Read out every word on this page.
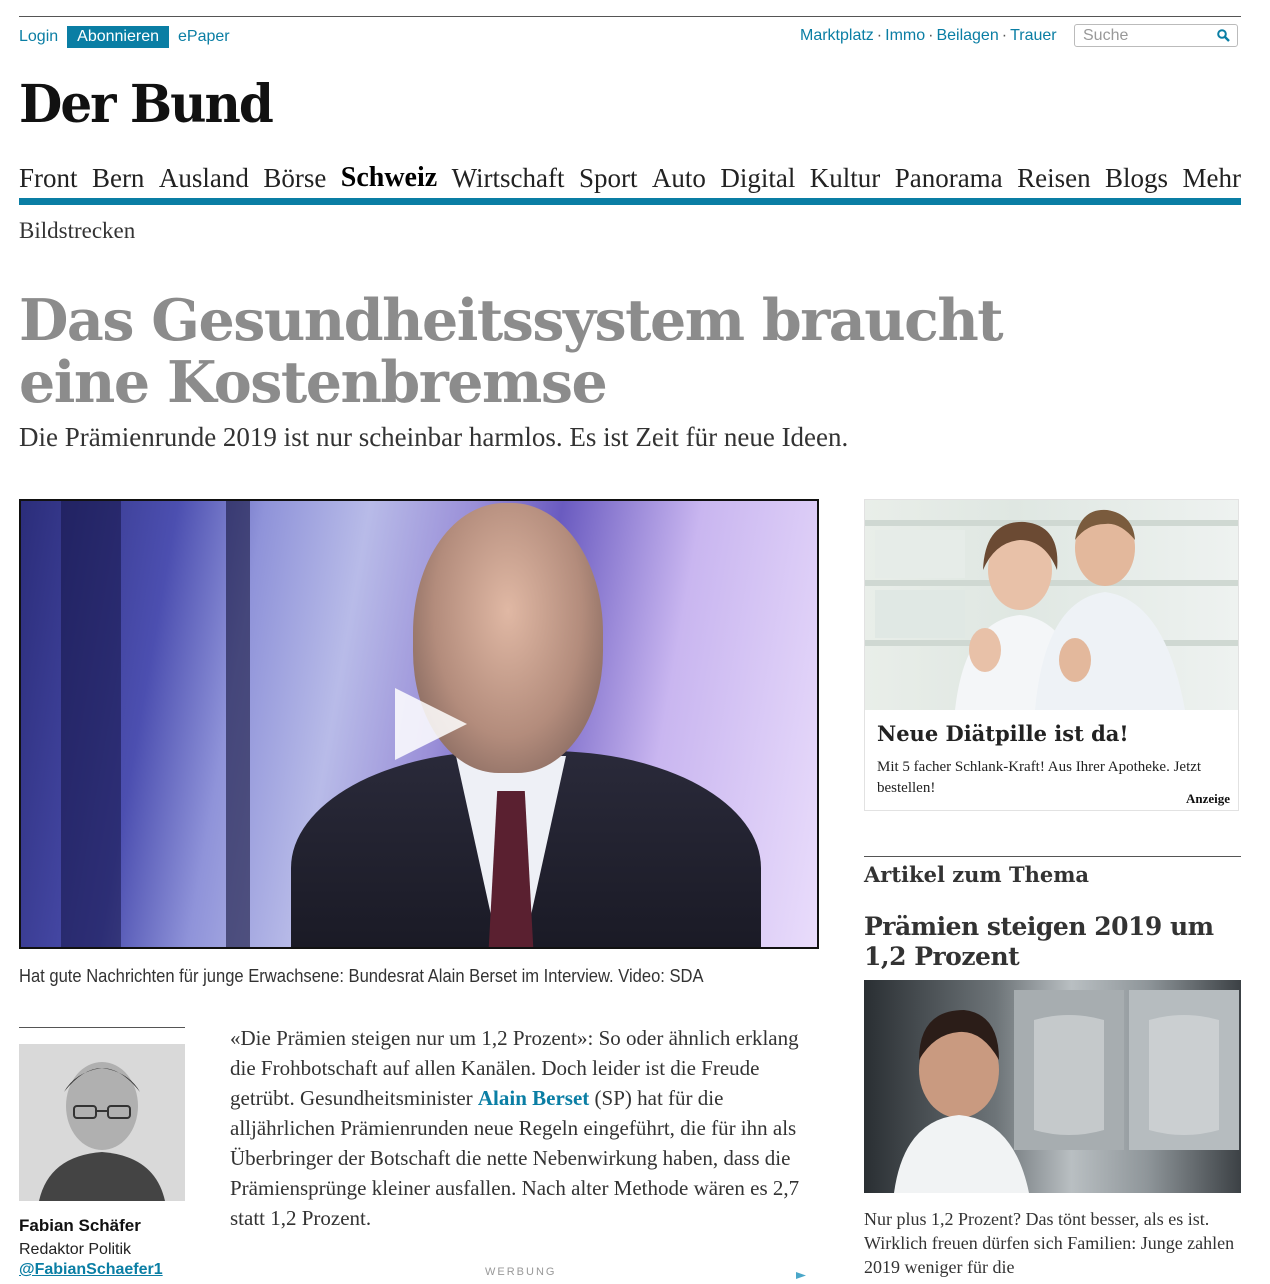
Login	Abonnieren	ePaper	Marktplatz · Immo · Beilagen · Trauer
Suche
Der Bund
Front Bern Ausland Börse Schweiz Wirtschaft Sport Auto Digital Kultur Panorama Reisen Blogs Mehr
Bildstrecken
Das Gesundheitssystem braucht eine Kostenbremse

Die Prämienrunde 2019 ist nur scheinbar harmlos. Es ist Zeit für neue Ideen.

Hat gute Nachrichten für junge Erwachsene: Bundesrat Alain Berset im Interview. Video: SDA
Fabian Schäfer
Redaktor Politik
@FabianSchaefer1

«Die Prämien steigen nur um 1,2 Prozent»: So oder ähnlich erklang die Frohbotschaft auf allen Kanälen. Doch leider ist die Freude getrübt. Gesundheitsminister Alain Berset (SP) hat für die alljährlichen Prämienrunden neue Regeln eingeführt, die für ihn als Überbringer der Botschaft die nette Nebenwirkung haben, dass die Prämiensprünge kleiner ausfallen. Nach alter Methode wären es 2,7 statt 1,2 Prozent.

WERBUNG
Neue Diätpille ist da!
Mit 5 facher Schlank-Kraft! Aus Ihrer Apotheke. Jetzt bestellen!
Anzeige
Artikel zum Thema
Prämien steigen 2019 um 1,2 Prozent
Nur plus 1,2 Prozent? Das tönt besser, als es ist. Wirklich freuen dürfen sich Familien: Junge zahlen 2019 weniger für die
